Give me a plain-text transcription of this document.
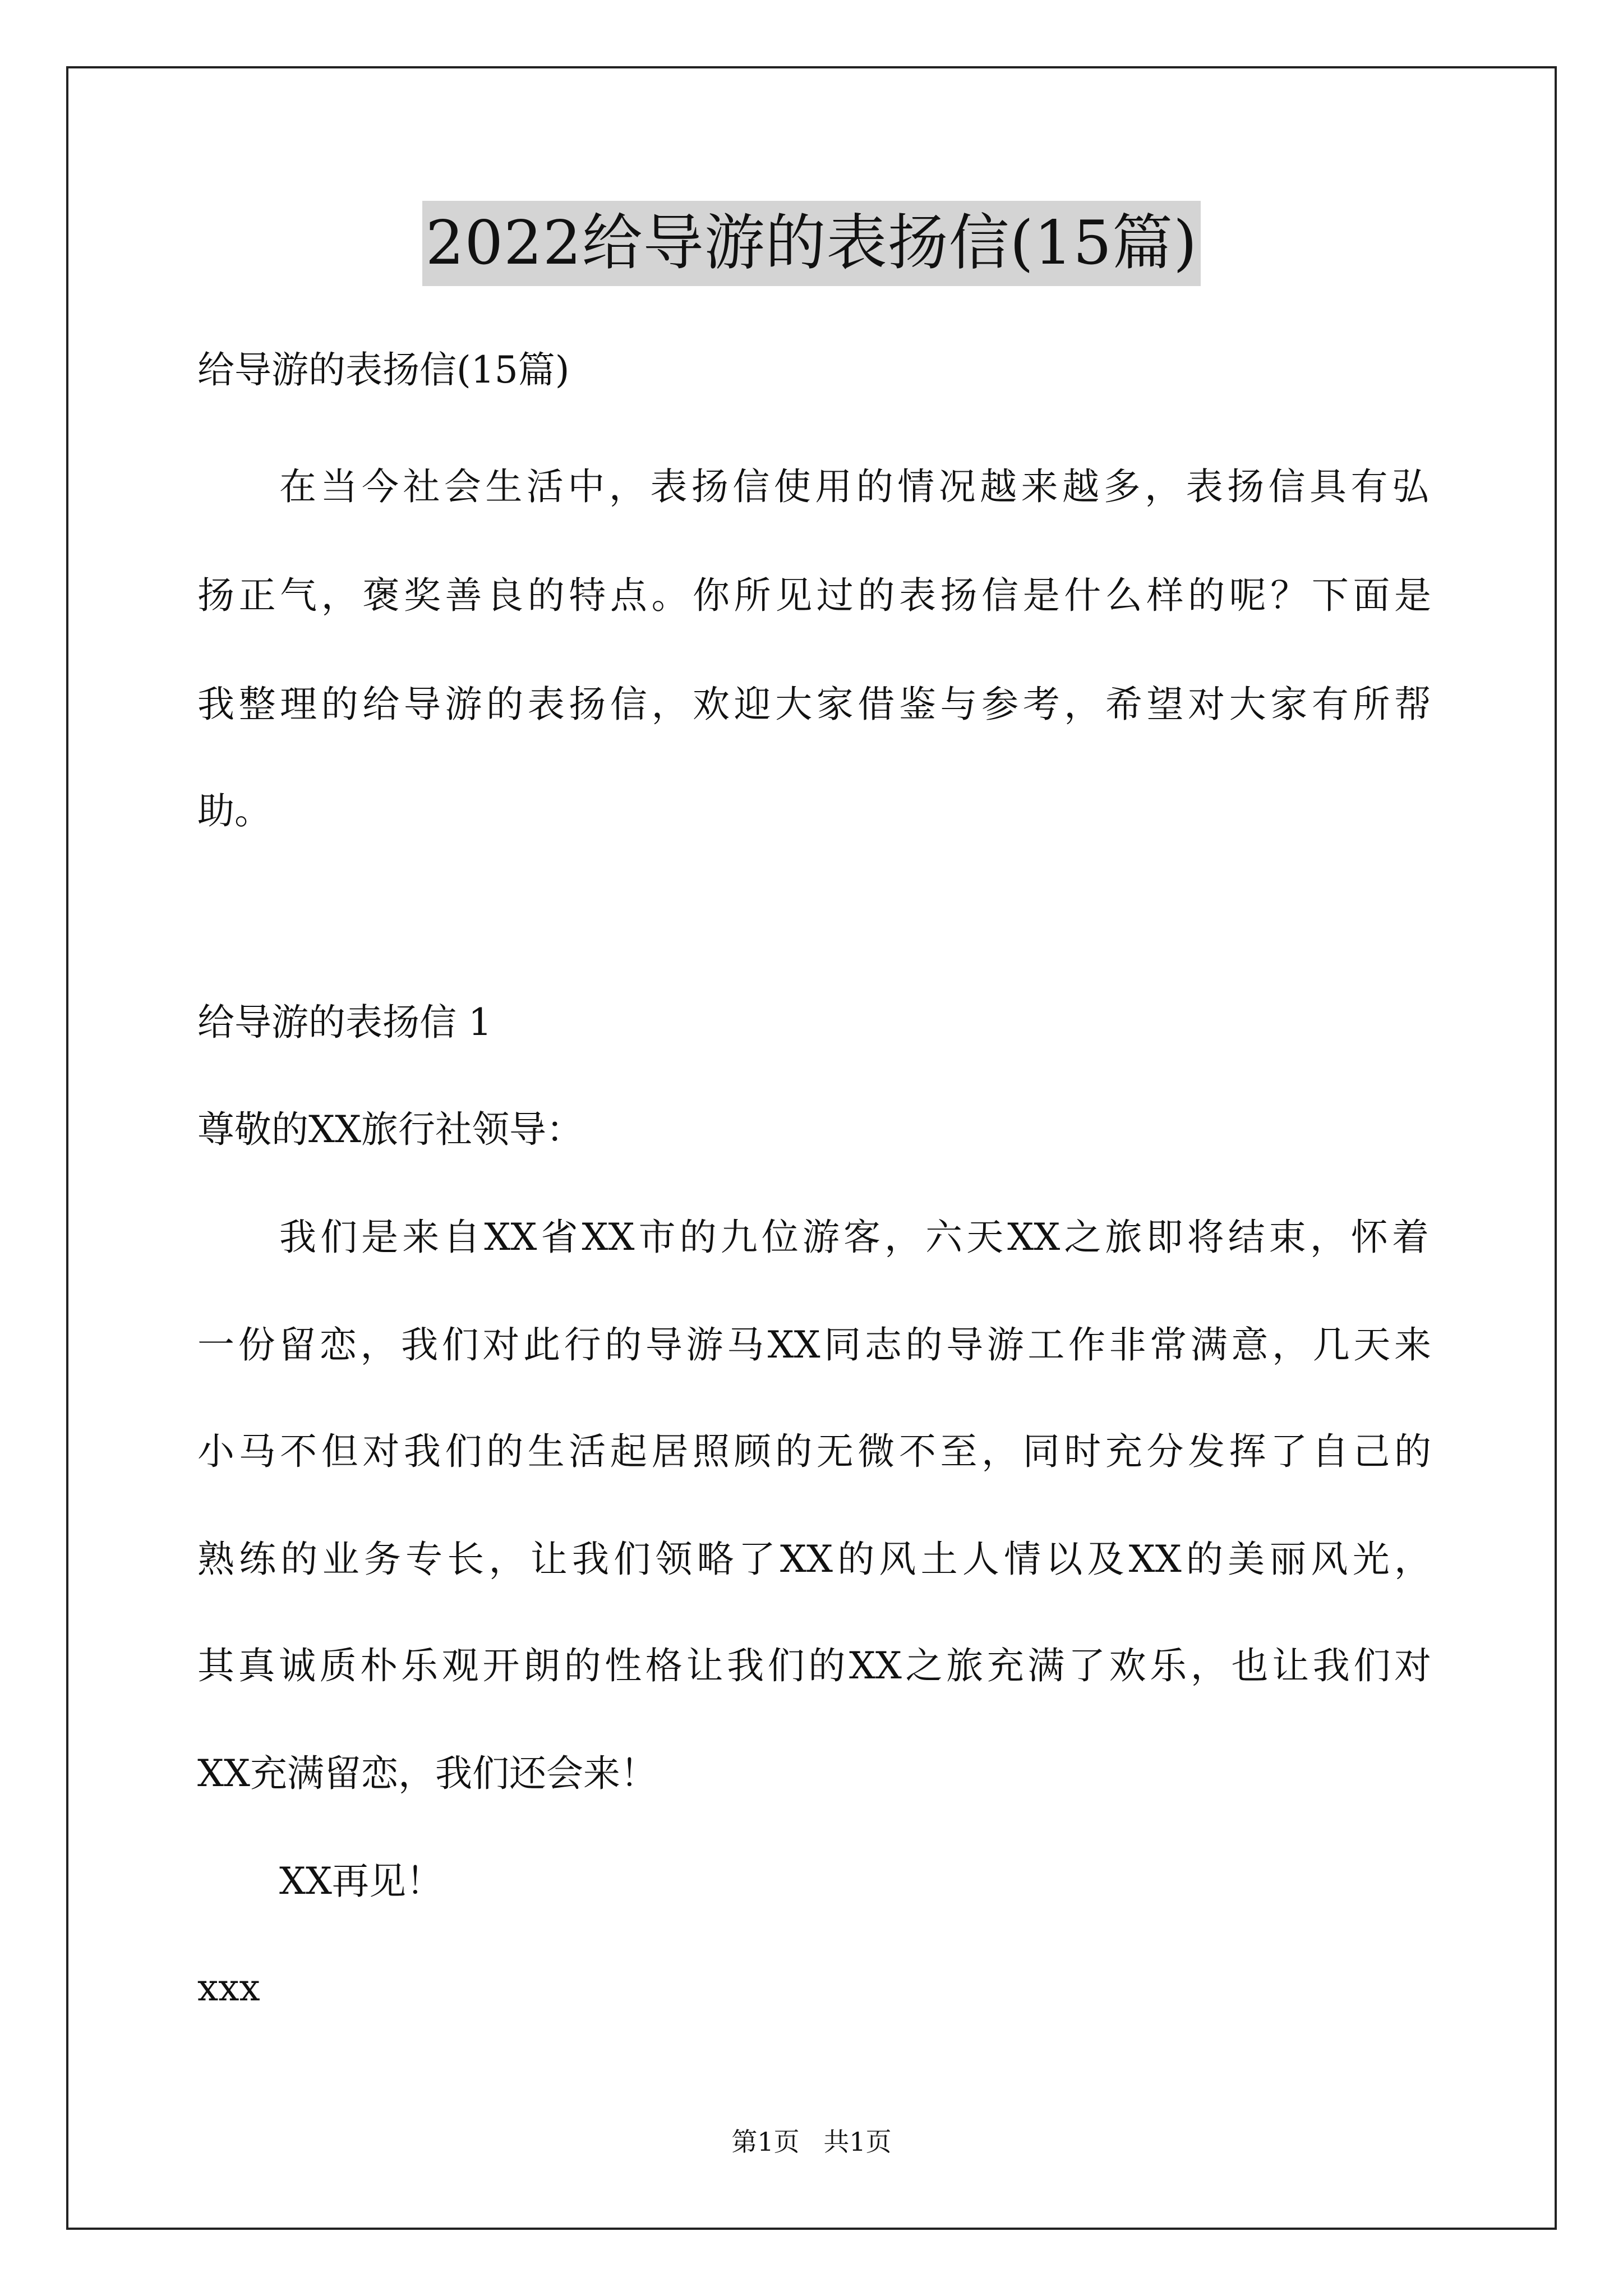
2022给导游的表扬信(15篇)
给导游的表扬信(15篇)
在当今社会生活中，表扬信使用的情况越来越多，表扬信具有弘
扬正气，褒奖善良的特点。你所见过的表扬信是什么样的呢？下面是
我整理的给导游的表扬信，欢迎大家借鉴与参考，希望对大家有所帮
助。
给导游的表扬信 1
尊敬的XX旅行社领导：
我们是来自XX省XX市的九位游客，六天XX之旅即将结束，怀着
一份留恋，我们对此行的导游马XX同志的导游工作非常满意，几天来
小马不但对我们的生活起居照顾的无微不至，同时充分发挥了自己的
熟练的业务专长，让我们领略了XX的风土人情以及XX的美丽风光，
其真诚质朴乐观开朗的性格让我们的XX之旅充满了欢乐，也让我们对
XX充满留恋，我们还会来！
XX再见！
xxx
第1页 共1页
